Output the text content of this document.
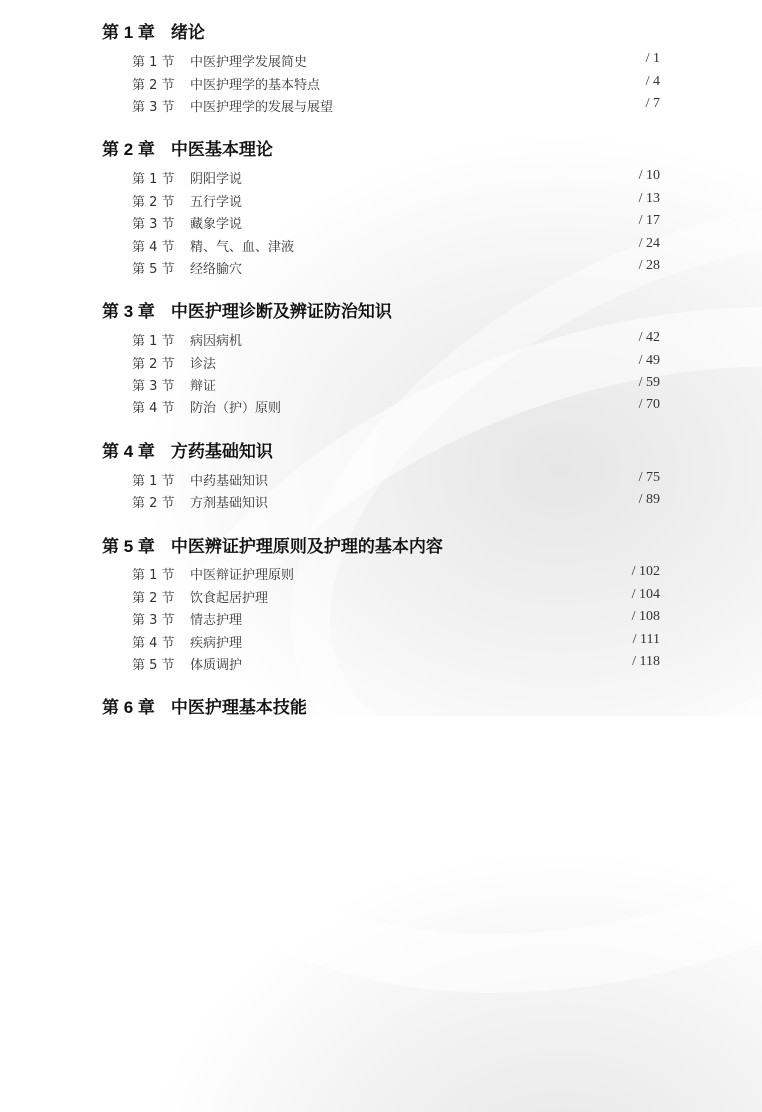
第 1 章 绪论
第 1 节 中医护理学发展简史	/ 1
第 2 节 中医护理学的基本特点	/ 4
第 3 节 中医护理学的发展与展望	/ 7
第 2 章 中医基本理论
第 1 节 阴阳学说	/ 10
第 2 节 五行学说	/ 13
第 3 节 藏象学说	/ 17
第 4 节 精、气、血、津液	/ 24
第 5 节 经络腧穴	/ 28
第 3 章 中医护理诊断及辨证防治知识
第 1 节 病因病机	/ 42
第 2 节 诊法	/ 49
第 3 节 辩证	/ 59
第 4 节 防治（护）原则	/ 70
第 4 章 方药基础知识
第 1 节 中药基础知识	/ 75
第 2 节 方剂基础知识	/ 89
第 5 章 中医辨证护理原则及护理的基本内容
第 1 节 中医辩证护理原则	/ 102
第 2 节 饮食起居护理	/ 104
第 3 节 情志护理	/ 108
第 4 节 疾病护理	/ 111
第 5 节 体质调护	/ 118
第 6 章 中医护理基本技能
